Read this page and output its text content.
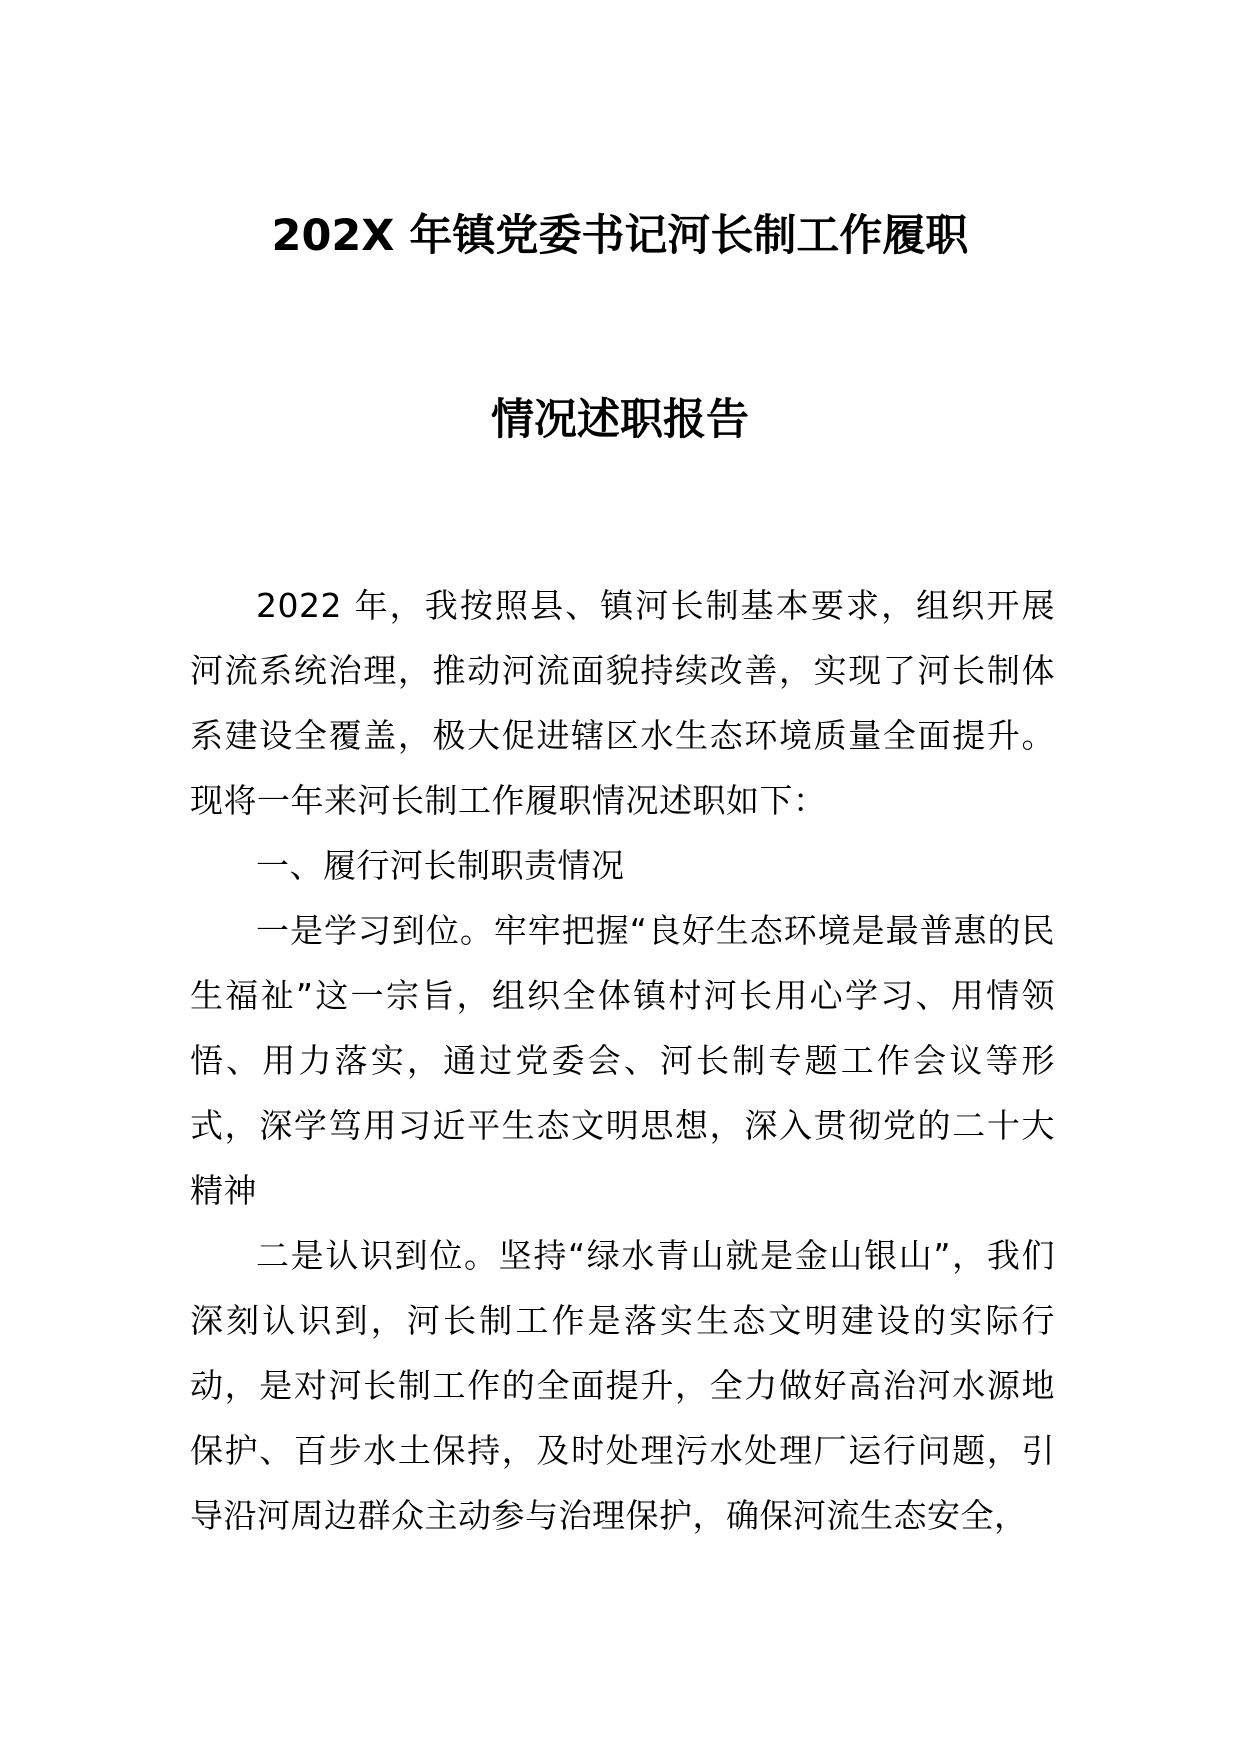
202X 年镇党委书记河长制工作履职
情况述职报告

2022 年，我按照县、镇河长制基本要求，组织开展河流系统治理，推动河流面貌持续改善，实现了河长制体系建设全覆盖，极大促进辖区水生态环境质量全面提升。现将一年来河长制工作履职情况述职如下：

一、履行河长制职责情况

一是学习到位。牢牢把握“良好生态环境是最普惠的民生福祉”这一宗旨，组织全体镇村河长用心学习、用情领悟、用力落实，通过党委会、河长制专题工作会议等形式，深学笃用习近平生态文明思想，深入贯彻党的二十大精神

二是认识到位。坚持“绿水青山就是金山银山”，我们深刻认识到，河长制工作是落实生态文明建设的实际行动，是对河长制工作的全面提升，全力做好高治河水源地保护、百步水土保持，及时处理污水处理厂运行问题，引导沿河周边群众主动参与治理保护，确保河流生态安全，
